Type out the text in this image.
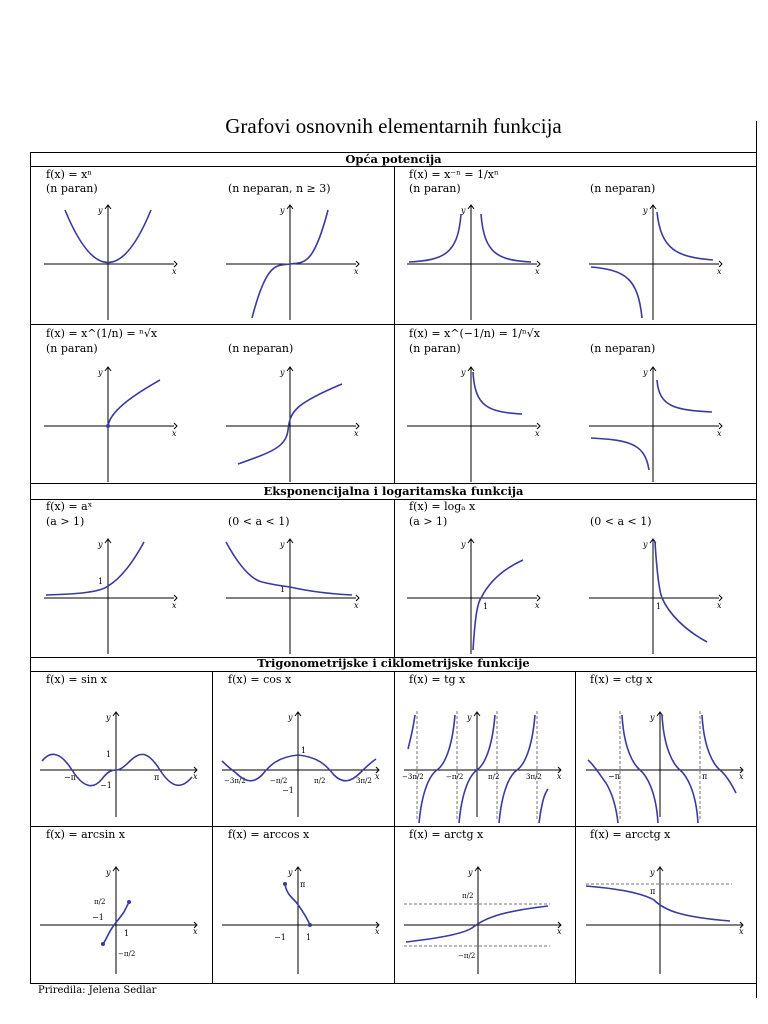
Grafovi osnovnih elementarnih funkcija
Opća potencija
Eksponencijalna i logaritamska funkcija
Trigonometrijske i ciklometrijske funkcije
f(x) = xⁿ
(n paran)	(n neparan, n ≥ 3)
f(x) = x⁻ⁿ = 1/xⁿ
(n paran)	(n neparan)
f(x) = x^(1/n) = ⁿ√x
(n paran)	(n neparan)
f(x) = x^(−1/n) = 1/ⁿ√x
(n paran)	(n neparan)
f(x) = aˣ
(a > 1)	(0 < a < 1)
f(x) = logₐ x
(a > 1)	(0 < a < 1)
f(x) = sin x	f(x) = cos x	f(x) = tg x	f(x) = ctg x
f(x) = arcsin x	f(x) = arccos x	f(x) = arctg x	f(x) = arcctg x
x
y
x
y
x
y
x
y
x
y
x
y
x
y
x
y
x
y
1
x
y
1
x
y
1	x
y
1
x
y
1
−1
−π	π	x
y
1
−1
−3π/2	−π/2	π/2	3π/2	x
y
−3π/2	−π/2	π/2	3π/2	x
y
−π	π
x
y
π/2
−1
1
−π/2
x
y
π
−1	1
x
y
π/2
−π/2
x
y
π
Priredila: Jelena Sedlar
